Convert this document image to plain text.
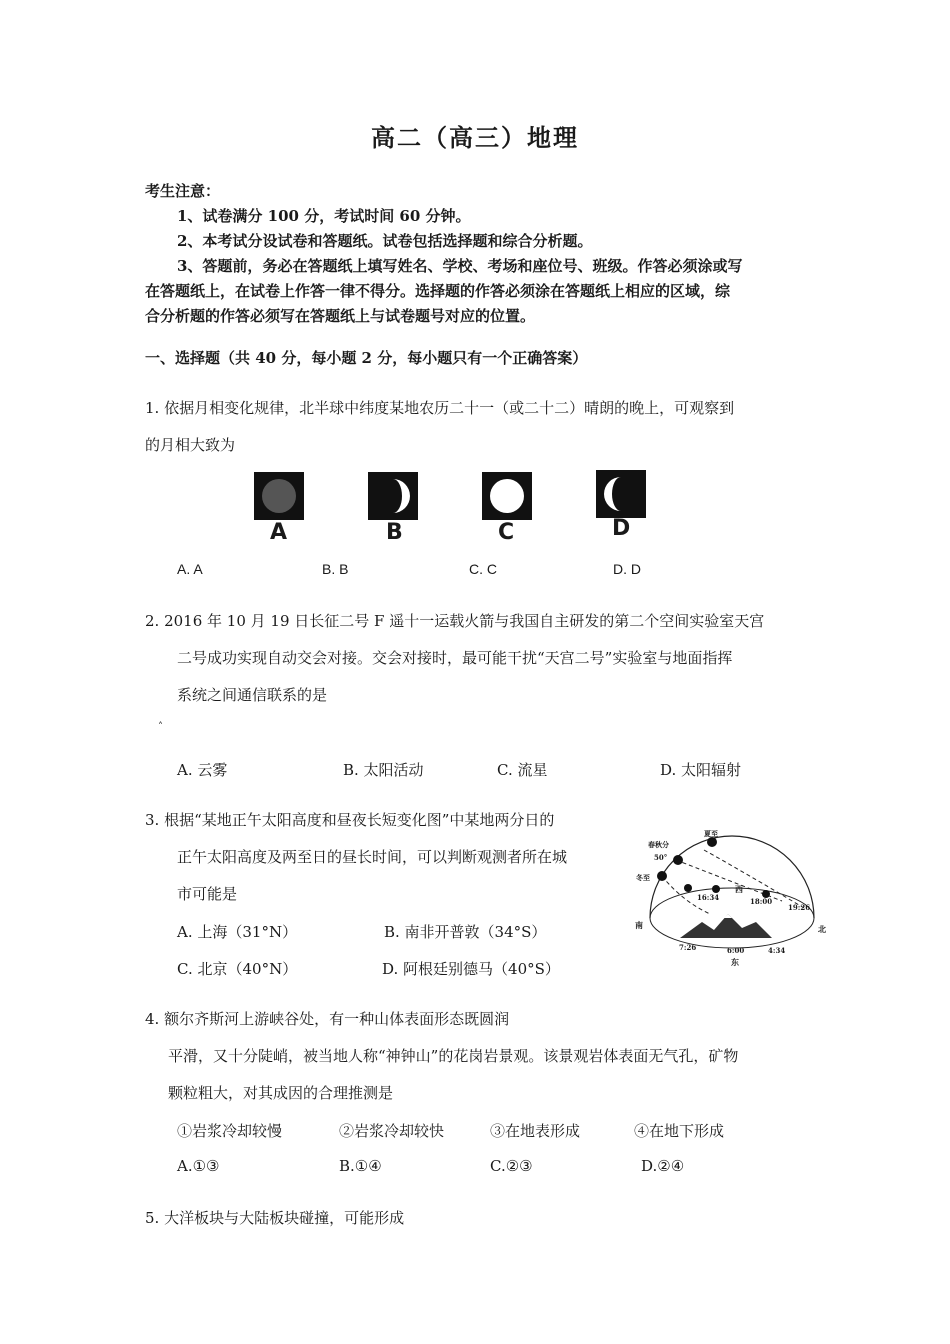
高二（高三）地理
考生注意：
1、试卷满分 100 分，考试时间 60 分钟。
2、本考试分设试卷和答题纸。试卷包括选择题和综合分析题。
3、答题前，务必在答题纸上填写姓名、学校、考场和座位号、班级。作答必须涂或写
在答题纸上，在试卷上作答一律不得分。选择题的作答必须涂在答题纸上相应的区域，综
合分析题的作答必须写在答题纸上与试卷题号对应的位置。
一、选择题（共 40 分，每小题 2 分，每小题只有一个正确答案）
1. 依据月相变化规律，北半球中纬度某地农历二十一（或二十二）晴朗的晚上，可观察到
的月相大致为
A	B	C	D
A. A	B. B	C. C	D. D
2. 2016 年 10 月 19 日长征二号 F 遥十一运载火箭与我国自主研发的第二个空间实验室天宫
二号成功实现自动交会对接。交会对接时，最可能干扰“天宫二号”实验室与地面指挥
系统之间通信联系的是
˄
A. 云雾	B. 太阳活动	C. 流星	D. 太阳辐射
3. 根据“某地正午太阳高度和昼夜长短变化图”中某地两分日的
正午太阳高度及两至日的昼长时间，可以判断观测者所在城
市可能是
A. 上海（31°N）	B. 南非开普敦（34°S）
C. 北京（40°N）	D. 阿根廷别德马（40°S）
夏至
春秋分
50°
冬至
西
16:34	18:00
19:26
南	北
7:26	6:00	4:34
东
4. 额尔齐斯河上游峡谷处，有一种山体表面形态既圆润
平滑，又十分陡峭，被当地人称“神钟山”的花岗岩景观。该景观岩体表面无气孔，矿物
颗粒粗大，对其成因的合理推测是
①岩浆冷却较慢	②岩浆冷却较快	③在地表形成	④在地下形成
A.①③	B.①④	C.②③	D.②④
5. 大洋板块与大陆板块碰撞，可能形成
